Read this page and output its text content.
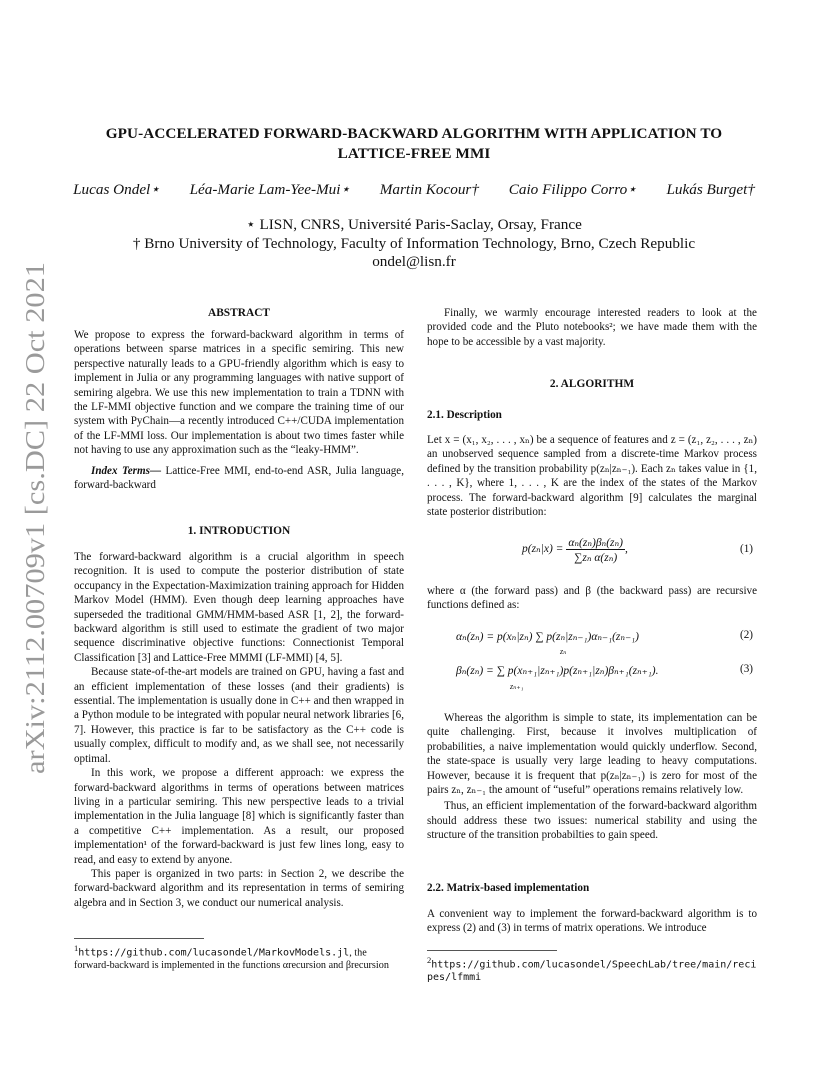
arXiv:2112.00709v1 [cs.DC] 22 Oct 2021
GPU-ACCELERATED FORWARD-BACKWARD ALGORITHM WITH APPLICATION TO
LATTICE-FREE MMI
Lucas Ondel⋆ Léa-Marie Lam-Yee-Mui⋆ Martin Kocour† Caio Filippo Corro⋆ Lukás Burget†
⋆ LISN, CNRS, Université Paris-Saclay, Orsay, France
† Brno University of Technology, Faculty of Information Technology, Brno, Czech Republic
ondel@lisn.fr
ABSTRACT

We propose to express the forward-backward algorithm in terms of operations between sparse matrices in a specific semiring. This new perspective naturally leads to a GPU-friendly algorithm which is easy to implement in Julia or any programming languages with native support of semiring algebra. We use this new implementation to train a TDNN with the LF-MMI objective function and we compare the training time of our system with PyChain—a recently introduced C++/CUDA implementation of the LF-MMI loss. Our implementation is about two times faster while not having to use any approximation such as the “leaky-HMM”.

Index Terms— Lattice-Free MMI, end-to-end ASR, Julia language, forward-backward

1. INTRODUCTION

The forward-backward algorithm is a crucial algorithm in speech recognition. It is used to compute the posterior distribution of state occupancy in the Expectation-Maximization training approach for Hidden Markov Model (HMM). Even though deep learning approaches have superseded the traditional GMM/HMM-based ASR [1, 2], the forward-backward algorithm is still used to estimate the gradient of two major sequence discriminative objective functions: Connectionist Temporal Classification [3] and Lattice-Free MMMI (LF-MMI) [4, 5].

Because state-of-the-art models are trained on GPU, having a fast and an efficient implementation of these losses (and their gradients) is essential. The implementation is usually done in C++ and then wrapped in a Python module to be integrated with popular neural network libraries [6, 7]. However, this practice is far to be satisfactory as the C++ code is usually complex, difficult to modify and, as we shall see, not necessarily optimal.

In this work, we propose a different approach: we express the forward-backward algorithms in terms of operations between matrices living in a particular semiring. This new perspective leads to a trivial implementation in the Julia language [8] which is significantly faster than a competitive C++ implementation. As a result, our proposed implementation¹ of the forward-backward is just few lines long, easy to read, and easy to extend by anyone.

This paper is organized in two parts: in Section 2, we describe the forward-backward algorithm and its representation in terms of semiring algebra and in Section 3, we conduct our numerical analysis.

$^1$https://github.com/lucasondel/MarkovModels.jl, the forward-backward is implemented in the functions αrecursion and βrecursion

Finally, we warmly encourage interested readers to look at the provided code and the Pluto notebooks²; we have made them with the hope to be accessible by a vast majority.

2. ALGORITHM
2.1. Description

Let x = (x₁, x₂, . . . , xₙ) be a sequence of features and z = (z₁, z₂, . . . , zₙ) an unobserved sequence sampled from a discrete-time Markov process defined by the transition probability p(zₙ|zₙ₋₁). Each zₙ takes value in {1, . . . , K}, where 1, . . . , K are the index of the states of the Markov process. The forward-backward algorithm [9] calculates the marginal state posterior distribution:

$p(z_n|x) = \frac{\text{αₙ(zₙ)βₙ(zₙ)}}{\text{∑zₙ α(zₙ)}}$ ,	(1)

where α (the forward pass) and β (the backward pass) are recursive functions defined as:

αₙ(zₙ) = p(xₙ|zₙ) ∑ p(zₙ|zₙ₋₁)αₙ₋₁(zₙ₋₁)
zₙ
(2)
βₙ(zₙ) = ∑ p(xₙ₊₁|zₙ₊₁)p(zₙ₊₁|zₙ)βₙ₊₁(zₙ₊₁).
zₙ₊₁
(3)

Whereas the algorithm is simple to state, its implementation can be quite challenging. First, because it involves multiplication of probabilities, a naive implementation would quickly underflow. Second, the state-space is usually very large leading to heavy computations. However, because it is frequent that p(zₙ|zₙ₋₁) is zero for most of the pairs zₙ, zₙ₋₁ the amount of “useful” operations remains relatively low.

Thus, an efficient implementation of the forward-backward algorithm should address these two issues: numerical stability and using the structure of the transition probabilties to gain speed.

2.2. Matrix-based implementation

A convenient way to implement the forward-backward algorithm is to express (2) and (3) in terms of matrix operations. We introduce

$^2$https://github.com/lucasondel/SpeechLab/tree/main/recipes/lfmmi
